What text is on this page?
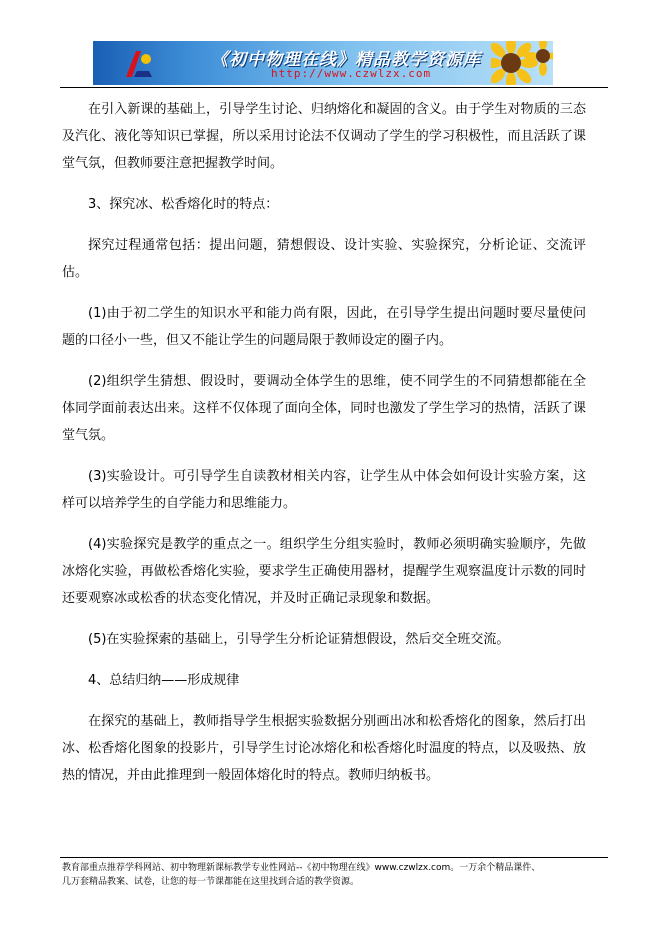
《初中物理在线》精品教学资源库
http://www.czwlzx.com

在引入新课的基础上，引导学生讨论、归纳熔化和凝固的含义。由于学生对物质的三态及汽化、液化等知识已掌握，所以采用讨论法不仅调动了学生的学习积极性，而且活跃了课堂气氛，但教师要注意把握教学时间。

3、探究冰、松香熔化时的特点：

探究过程通常包括：提出问题，猜想假设、设计实验、实验探究，分析论证、交流评估。

(1)由于初二学生的知识水平和能力尚有限，因此，在引导学生提出问题时要尽量使问题的口径小一些，但又不能让学生的问题局限于教师设定的圈子内。

(2)组织学生猜想、假设时，要调动全体学生的思维，使不同学生的不同猜想都能在全体同学面前表达出来。这样不仅体现了面向全体，同时也激发了学生学习的热情，活跃了课堂气氛。

(3)实验设计。可引导学生自读教材相关内容，让学生从中体会如何设计实验方案，这样可以培养学生的自学能力和思维能力。

(4)实验探究是教学的重点之一。组织学生分组实验时，教师必须明确实验顺序，先做冰熔化实验，再做松香熔化实验，要求学生正确使用器材，提醒学生观察温度计示数的同时还要观察冰或松香的状态变化情况，并及时正确记录现象和数据。

(5)在实验探索的基础上，引导学生分析论证猜想假设，然后交全班交流。

4、总结归纳——形成规律

在探究的基础上，教师指导学生根据实验数据分别画出冰和松香熔化的图象，然后打出冰、松香熔化图象的投影片，引导学生讨论冰熔化和松香熔化时温度的特点，以及吸热、放热的情况，并由此推理到一般固体熔化时的特点。教师归纳板书。

教育部重点推荐学科网站、初中物理新课标教学专业性网站--《初中物理在线》www.czwlzx.com。一万余个精品课件、
几万套精品教案、试卷，让您的每一节课都能在这里找到合适的教学资源。
